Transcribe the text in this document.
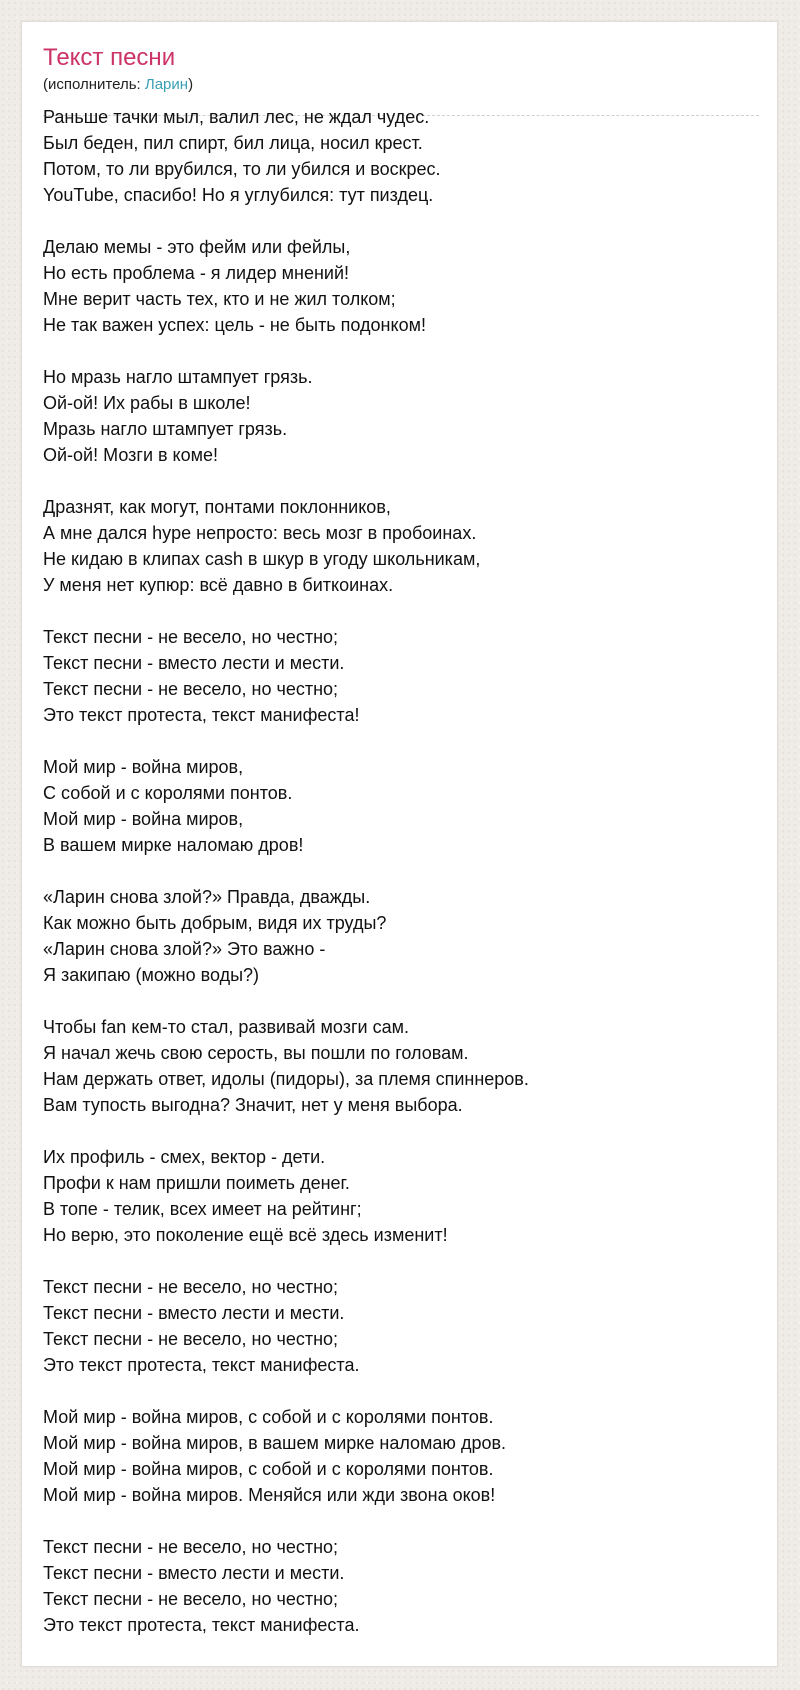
Текст песни
(исполнитель: Ларин)
Раньше тачки мыл, валил лес, не ждал чудес.
Был беден, пил спирт, бил лица, носил крест.
Потом, то ли врубился, то ли убился и воскрес.
YouTube, спасибо! Но я углубился: тут пиздец.
Делаю мемы - это фейм или фейлы,
Но есть проблема - я лидер мнений!
Мне верит часть тех, кто и не жил толком;
Не так важен успех: цель - не быть подонком!
Но мразь нагло штампует грязь.
Ой-ой! Их рабы в школе!
Мразь нагло штампует грязь.
Ой-ой! Мозги в коме!
Дразнят, как могут, понтами поклонников,
А мне дался hype непросто: весь мозг в пробоинах.
Не кидаю в клипах cash в шкур в угоду школьникам,
У меня нет купюр: всё давно в биткоинах.
Текст песни - не весело, но честно;
Текст песни - вместо лести и мести.
Текст песни - не весело, но честно;
Это текст протеста, текст манифеста!
Мой мир - война миров,
С собой и с королями понтов.
Мой мир - война миров,
В вашем мирке наломаю дров!
«Ларин снова злой?» Правда, дважды.
Как можно быть добрым, видя их труды?
«Ларин снова злой?» Это важно -
Я закипаю (можно воды?)
Чтобы fan кем-то стал, развивай мозги сам.
Я начал жечь свою серость, вы пошли по головам.
Нам держать ответ, идолы (пидоры), за племя спиннеров.
Вам тупость выгодна? Значит, нет у меня выбора.
Их профиль - смех, вектор - дети.
Профи к нам пришли поиметь денег.
В топе - телик, всех имеет на рейтинг;
Но верю, это поколение ещё всё здесь изменит!
Текст песни - не весело, но честно;
Текст песни - вместо лести и мести.
Текст песни - не весело, но честно;
Это текст протеста, текст манифеста.
Мой мир - война миров, с собой и с королями понтов.
Мой мир - война миров, в вашем мирке наломаю дров.
Мой мир - война миров, с собой и с королями понтов.
Мой мир - война миров. Меняйся или жди звона оков!
Текст песни - не весело, но честно;
Текст песни - вместо лести и мести.
Текст песни - не весело, но честно;
Это текст протеста, текст манифеста.
